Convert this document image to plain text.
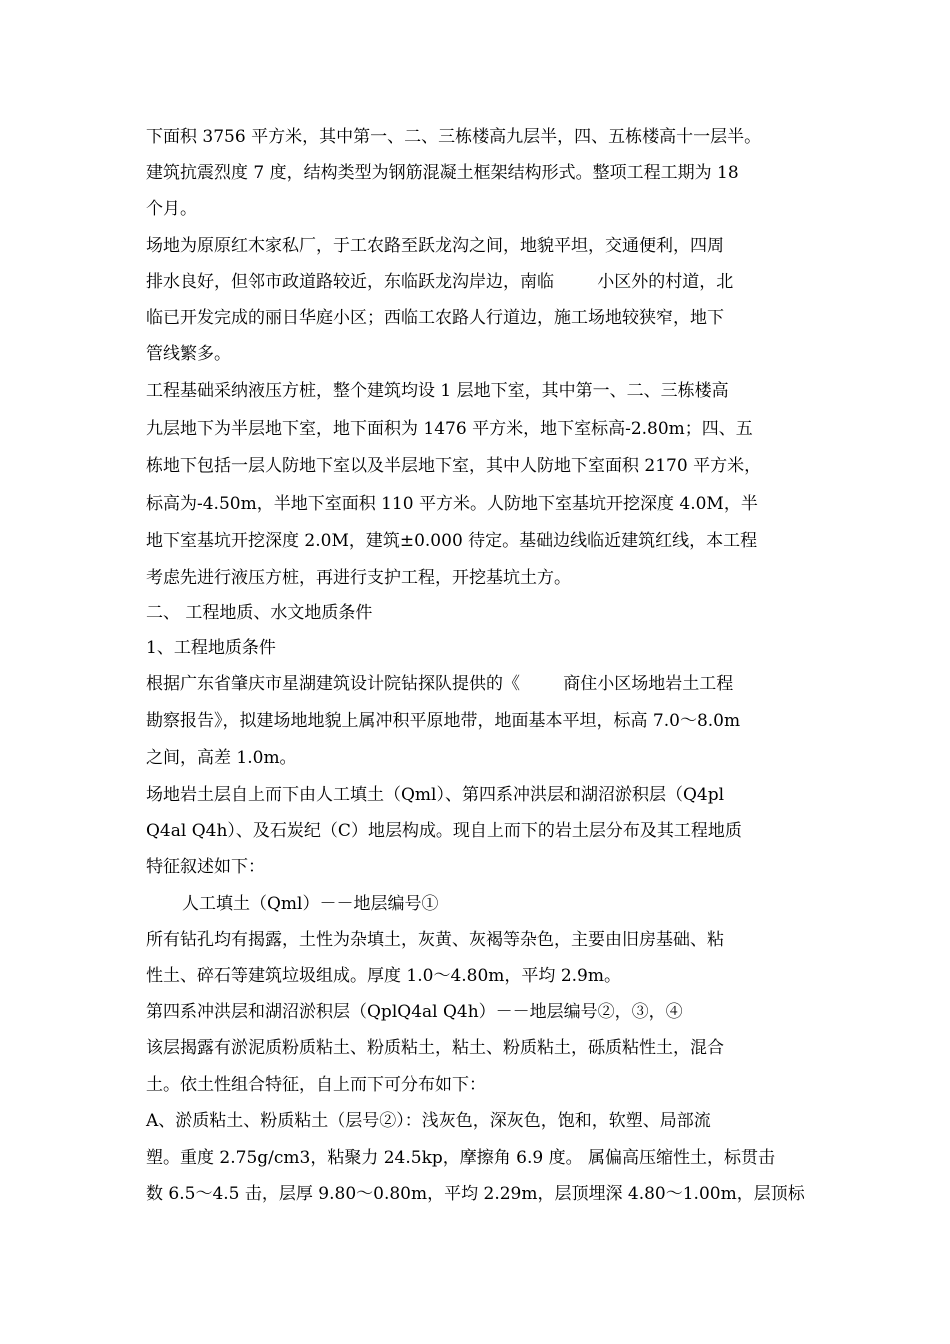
下面积 3756 平方米，其中第一、二、三栋楼高九层半，四、五栋楼高十一层半。

建筑抗震烈度 7 度，结构类型为钢筋混凝土框架结构形式。整项工程工期为 18

个月。

场地为原原红木家私厂，于工农路至跃龙沟之间，地貌平坦，交通便利，四周

排水良好，但邻市政道路较近，东临跃龙沟岸边，南临        小区外的村道，北

临已开发完成的丽日华庭小区；西临工农路人行道边，施工场地较狭窄，地下

管线繁多。

工程基础采纳液压方桩，整个建筑均设 1 层地下室，其中第一、二、三栋楼高

九层地下为半层地下室，地下面积为 1476 平方米，地下室标高-2.80m；四、五

栋地下包括一层人防地下室以及半层地下室，其中人防地下室面积 2170 平方米，

标高为-4.50m，半地下室面积 110 平方米。人防地下室基坑开挖深度 4.0M，半

地下室基坑开挖深度 2.0M，建筑±0.000 待定。基础边线临近建筑红线，本工程

考虑先进行液压方桩，再进行支护工程，开挖基坑土方。

二、 工程地质、水文地质条件

1、工程地质条件

根据广东省肇庆市星湖建筑设计院钻探队提供的《        商住小区场地岩土工程

勘察报告》，拟建场地地貌上属冲积平原地带，地面基本平坦，标高 7.0～8.0m

之间，高差 1.0m。

场地岩土层自上而下由人工填土（Qml）、第四系冲洪层和湖沼淤积层（Q4pl

Q4al Q4h）、及石炭纪（C）地层构成。现自上而下的岩土层分布及其工程地质

特征叙述如下：

人工填土（Qml）－－地层编号①

所有钻孔均有揭露，土性为杂填土，灰黄、灰褐等杂色，主要由旧房基础、粘

性土、碎石等建筑垃圾组成。厚度 1.0～4.80m，平均 2.9m。

第四系冲洪层和湖沼淤积层（QplQ4al Q4h）－－地层编号②，③，④

该层揭露有淤泥质粉质粘土、粉质粘土，粘土、粉质粘土，砾质粘性土，混合

土。依土性组合特征，自上而下可分布如下：

A、淤质粘土、粉质粘土（层号②）：浅灰色，深灰色，饱和，软塑、局部流

塑。重度 2.75g/cm3，粘聚力 24.5kp，摩擦角 6.9 度。 属偏高压缩性土，标贯击

数 6.5～4.5 击，层厚 9.80～0.80m，平均 2.29m，层顶埋深 4.80～1.00m，层顶标
